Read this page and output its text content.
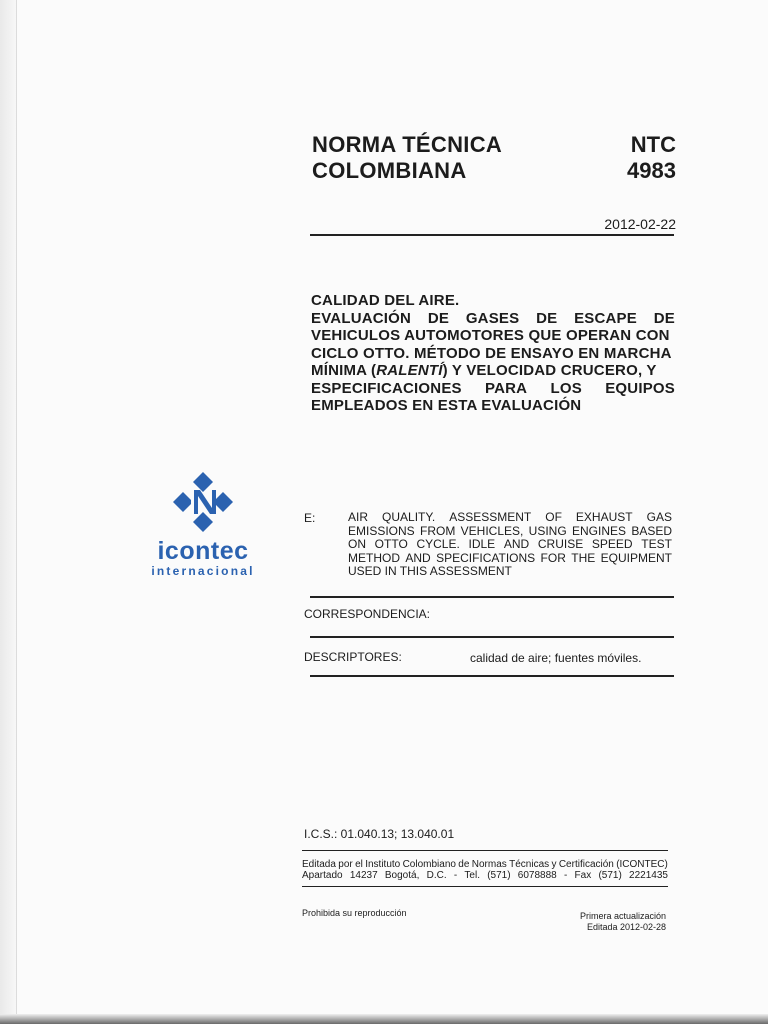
NORMA TÉCNICA
COLOMBIANA
NTC
4983
2012-02-22
CALIDAD DEL AIRE.
EVALUACIÓN DE GASES DE ESCAPE DE
VEHICULOS AUTOMOTORES QUE OPERAN CON
CICLO OTTO. MÉTODO DE ENSAYO EN MARCHA
MÍNIMA (RALENTÍ) Y VELOCIDAD CRUCERO, Y
ESPECIFICACIONES PARA LOS EQUIPOS
EMPLEADOS EN ESTA EVALUACIÓN
icontec
internacional
E:	AIR QUALITY. ASSESSMENT OF EXHAUST GAS
EMISSIONS FROM VEHICLES, USING ENGINES BASED
ON OTTO CYCLE. IDLE AND CRUISE SPEED TEST
METHOD AND SPECIFICATIONS FOR THE EQUIPMENT
USED IN THIS ASSESSMENT
CORRESPONDENCIA:
DESCRIPTORES:	calidad de aire; fuentes móviles.
I.C.S.: 01.040.13; 13.040.01
Editada por el Instituto Colombiano de Normas Técnicas y Certificación (ICONTEC)
Apartado 14237 Bogotá, D.C. - Tel. (571) 6078888 - Fax (571) 2221435
Prohibida su reproducción	Primera actualización
Editada 2012-02-28
